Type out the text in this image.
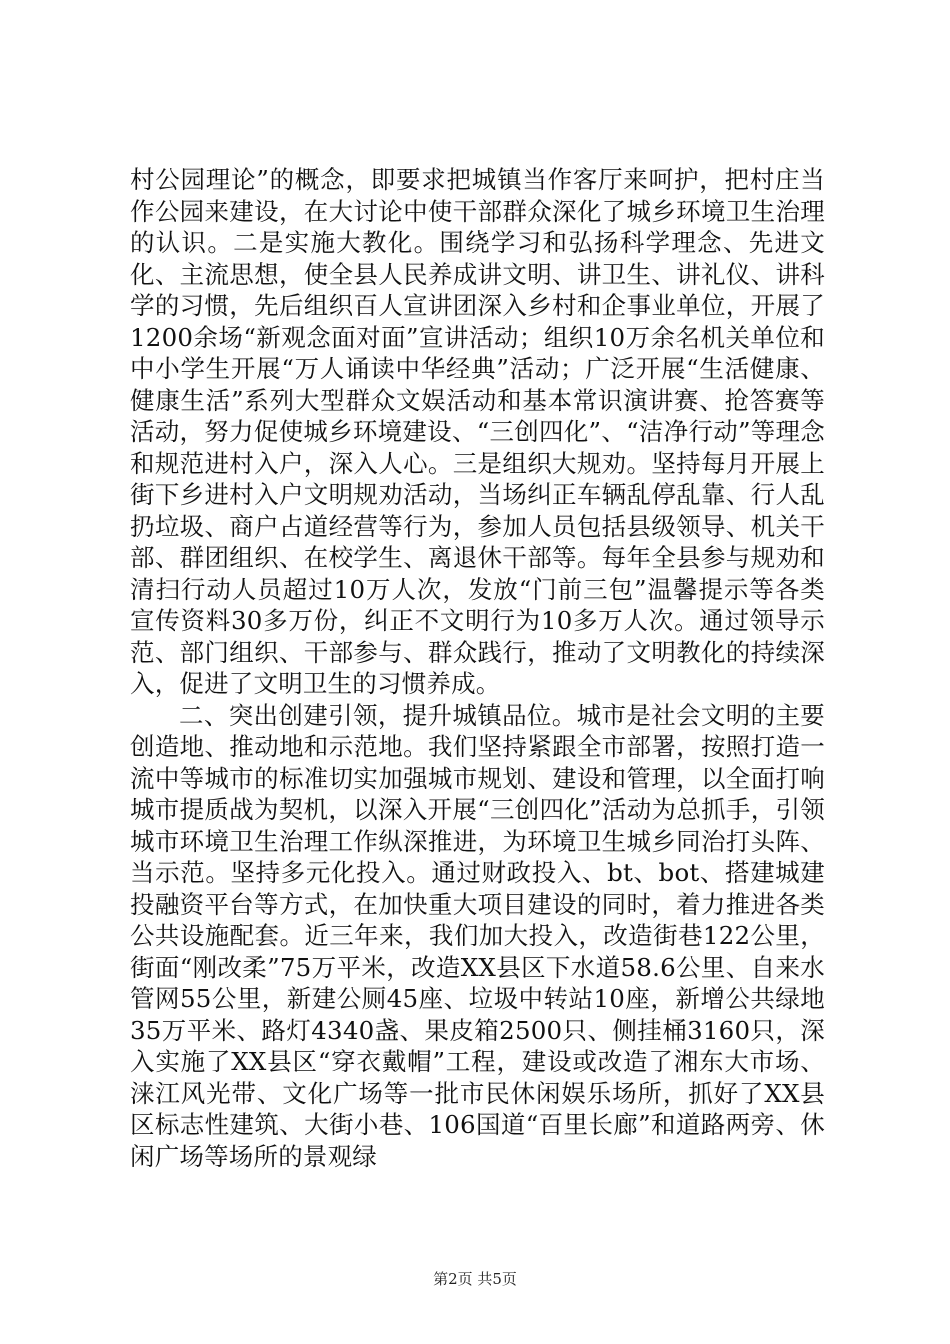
村公园理论”的概念，即要求把城镇当作客厅来呵护，把村庄当作公园来建设，在大讨论中使干部群众深化了城乡环境卫生治理的认识。二是实施大教化。围绕学习和弘扬科学理念、先进文化、主流思想，使全县人民养成讲文明、讲卫生、讲礼仪、讲科学的习惯，先后组织百人宣讲团深入乡村和企事业单位，开展了1200余场“新观念面对面”宣讲活动；组织10万余名机关单位和中小学生开展“万人诵读中华经典”活动；广泛开展“生活健康、健康生活”系列大型群众文娱活动和基本常识演讲赛、抢答赛等活动，努力促使城乡环境建设、“三创四化”、“洁净行动”等理念和规范进村入户，深入人心。三是组织大规劝。坚持每月开展上街下乡进村入户文明规劝活动，当场纠正车辆乱停乱靠、行人乱扔垃圾、商户占道经营等行为，参加人员包括县级领导、机关干部、群团组织、在校学生、离退休干部等。每年全县参与规劝和清扫行动人员超过10万人次，发放“门前三包”温馨提示等各类宣传资料30多万份，纠正不文明行为10多万人次。通过领导示范、部门组织、干部参与、群众践行，推动了文明教化的持续深入，促进了文明卫生的习惯养成。

二、突出创建引领，提升城镇品位。城市是社会文明的主要创造地、推动地和示范地。我们坚持紧跟全市部署，按照打造一流中等城市的标准切实加强城市规划、建设和管理，以全面打响城市提质战为契机，以深入开展“三创四化”活动为总抓手，引领城市环境卫生治理工作纵深推进，为环境卫生城乡同治打头阵、当示范。坚持多元化投入。通过财政投入、bt、bot、搭建城建投融资平台等方式，在加快重大项目建设的同时，着力推进各类公共设施配套。近三年来，我们加大投入，改造街巷122公里，街面“刚改柔”75万平米，改造XX县区下水道58.6公里、自来水管网55公里，新建公厕45座、垃圾中转站10座，新增公共绿地35万平米、路灯4340盏、果皮箱2500只、侧挂桶3160只，深入实施了XX县区“穿衣戴帽”工程，建设或改造了湘东大市场、涞江风光带、文化广场等一批市民休闲娱乐场所，抓好了XX县区标志性建筑、大街小巷、106国道“百里长廊”和道路两旁、休闲广场等场所的景观绿

第2页 共5页
